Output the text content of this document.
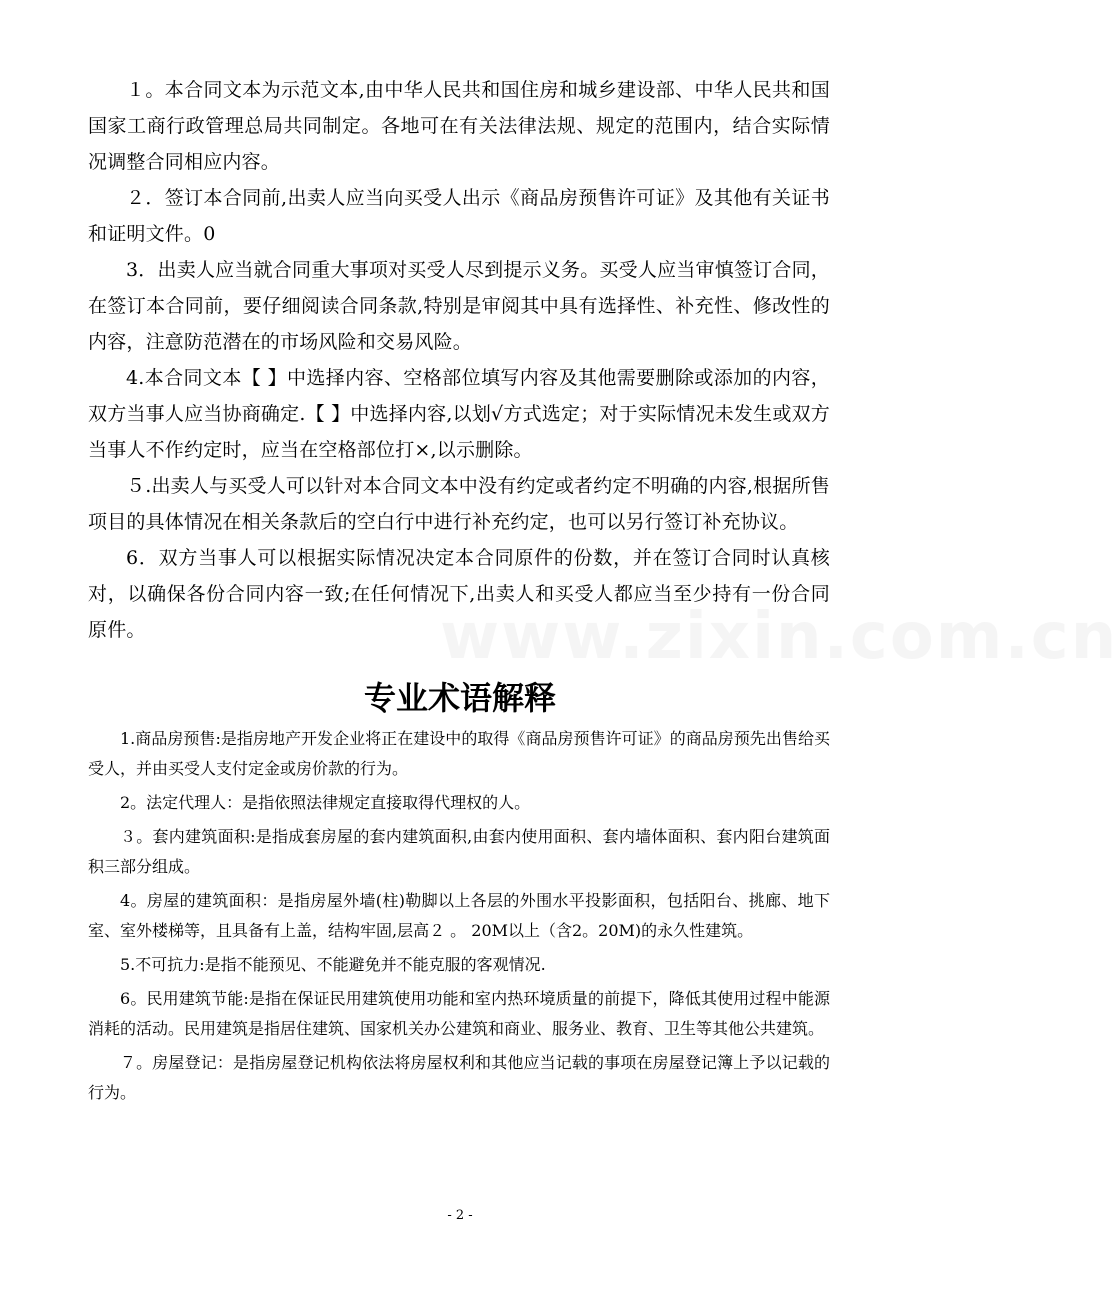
www.zixin.com.cn

１。本合同文本为示范文本,由中华人民共和国住房和城乡建设部、中华人民共和国国家工商行政管理总局共同制定。各地可在有关法律法规、规定的范围内，结合实际情况调整合同相应内容。

２．签订本合同前,出卖人应当向买受人出示《商品房预售许可证》及其他有关证书和证明文件。0

3．出卖人应当就合同重大事项对买受人尽到提示义务。买受人应当审慎签订合同，在签订本合同前，要仔细阅读合同条款,特别是审阅其中具有选择性、补充性、修改性的内容，注意防范潜在的市场风险和交易风险。

4.本合同文本【 】中选择内容、空格部位填写内容及其他需要删除或添加的内容，双方当事人应当协商确定.【 】中选择内容,以划√方式选定；对于实际情况未发生或双方当事人不作约定时，应当在空格部位打×,以示删除。

５.出卖人与买受人可以针对本合同文本中没有约定或者约定不明确的内容,根据所售项目的具体情况在相关条款后的空白行中进行补充约定，也可以另行签订补充协议。

6．双方当事人可以根据实际情况决定本合同原件的份数，并在签订合同时认真核对，以确保各份合同内容一致;在任何情况下,出卖人和买受人都应当至少持有一份合同原件。

专业术语解释

1.商品房预售:是指房地产开发企业将正在建设中的取得《商品房预售许可证》的商品房预先出售给买受人，并由买受人支付定金或房价款的行为。

2。法定代理人：是指依照法律规定直接取得代理权的人。

３。套内建筑面积:是指成套房屋的套内建筑面积,由套内使用面积、套内墙体面积、套内阳台建筑面积三部分组成。

4。房屋的建筑面积：是指房屋外墙(柱)勒脚以上各层的外围水平投影面积，包括阳台、挑廊、地下室、室外楼梯等，且具备有上盖，结构牢固,层高２ 。 20M以上（含2。20M)的永久性建筑。

5.不可抗力:是指不能预见、不能避免并不能克服的客观情况.

6。民用建筑节能:是指在保证民用建筑使用功能和室内热环境质量的前提下，降低其使用过程中能源消耗的活动。民用建筑是指居住建筑、国家机关办公建筑和商业、服务业、教育、卫生等其他公共建筑。

７。房屋登记：是指房屋登记机构依法将房屋权利和其他应当记载的事项在房屋登记簿上予以记载的行为。

- 2 -
